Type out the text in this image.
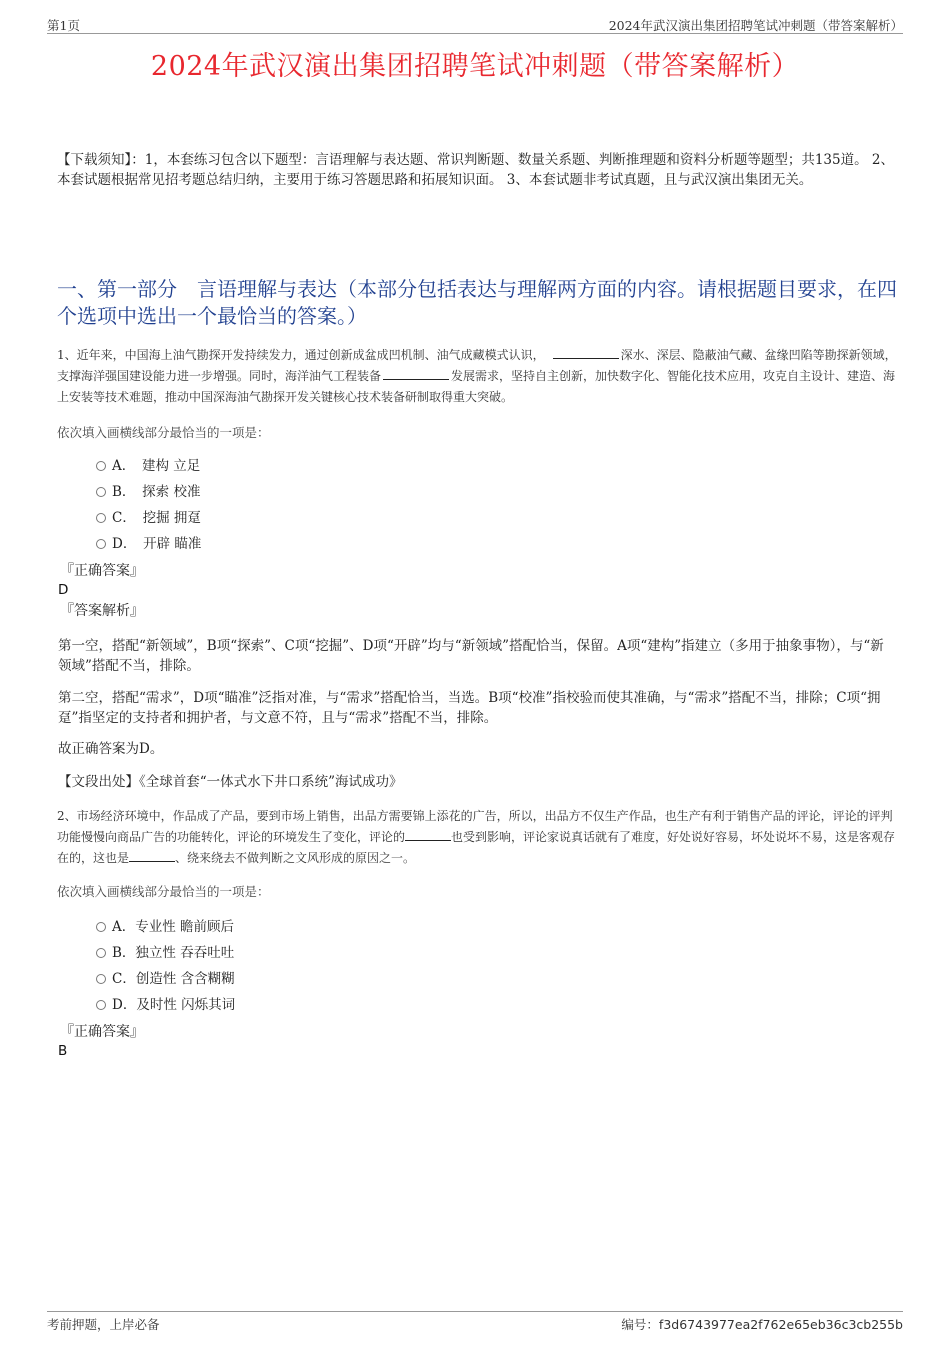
第1页	2024年武汉演出集团招聘笔试冲刺题（带答案解析）
2024年武汉演出集团招聘笔试冲刺题（带答案解析）
【下载须知】：1，本套练习包含以下题型：言语理解与表达题、常识判断题、数量关系题、判断推理题和资料分析题等题型；共135道。 2、本套试题根据常见招考题总结归纳，主要用于练习答题思路和拓展知识面。 3、本套试题非考试真题，且与武汉演出集团无关。
一、第一部分　言语理解与表达（本部分包括表达与理解两方面的内容。请根据题目要求，在四个选项中选出一个最恰当的答案。）
1、近年来，中国海上油气勘探开发持续发力，通过创新成盆成凹机制、油气成藏模式认识，	深水、深层、隐蔽油气藏、盆缘凹陷等勘探新领域，支撑海洋强国建设能力进一步增强。同时，海洋油气工程装备	发展需求，坚持自主创新，加快数字化、智能化技术应用，攻克自主设计、建造、海上安装等技术难题，推动中国深海油气勘探开发关键核心技术装备研制取得重大突破。
依次填入画横线部分最恰当的一项是：
A．　建构 立足
B．　探索 校准
C．　挖掘 拥趸
D．　开辟 瞄准
『正确答案』
D
『答案解析』
第一空，搭配“新领域”，B项“探索”、C项“挖掘”、D项“开辟”均与“新领域”搭配恰当，保留。A项“建构”指建立（多用于抽象事物），与“新领域”搭配不当，排除。
第二空，搭配“需求”，D项“瞄准”泛指对准，与“需求”搭配恰当，当选。B项“校准”指校验而使其准确，与“需求”搭配不当，排除；C项“拥趸”指坚定的支持者和拥护者，与文意不符，且与“需求”搭配不当，排除。
故正确答案为D。
【文段出处】《全球首套“一体式水下井口系统”海试成功》
2、市场经济环境中，作品成了产品，要到市场上销售，出品方需要锦上添花的广告，所以，出品方不仅生产作品，也生产有利于销售产品的评论，评论的评判功能慢慢向商品广告的功能转化，评论的环境发生了变化，评论的	也受到影响，评论家说真话就有了难度，好处说好容易，坏处说坏不易，这是客观存在的，这也是	、绕来绕去不做判断之文风形成的原因之一。
依次填入画横线部分最恰当的一项是：
A．专业性 瞻前顾后
B．独立性 吞吞吐吐
C．创造性 含含糊糊
D．及时性 闪烁其词
『正确答案』
B
考前押题，上岸必备	编号：f3d6743977ea2f762e65eb36c3cb255b
